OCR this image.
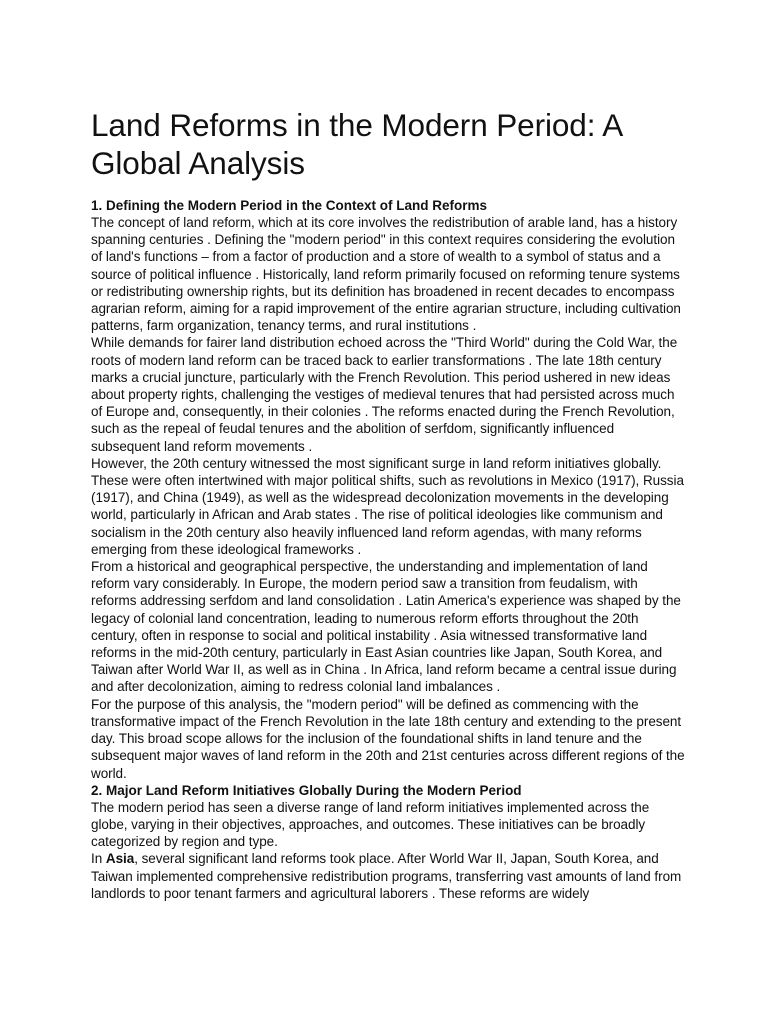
Land Reforms in the Modern Period: A Global Analysis

1. Defining the Modern Period in the Context of Land Reforms

The concept of land reform, which at its core involves the redistribution of arable land, has a history spanning centuries . Defining the "modern period" in this context requires considering the evolution of land's functions – from a factor of production and a store of wealth to a symbol of status and a source of political influence . Historically, land reform primarily focused on reforming tenure systems or redistributing ownership rights, but its definition has broadened in recent decades to encompass agrarian reform, aiming for a rapid improvement of the entire agrarian structure, including cultivation patterns, farm organization, tenancy terms, and rural institutions .

While demands for fairer land distribution echoed across the "Third World" during the Cold War, the roots of modern land reform can be traced back to earlier transformations . The late 18th century marks a crucial juncture, particularly with the French Revolution. This period ushered in new ideas about property rights, challenging the vestiges of medieval tenures that had persisted across much of Europe and, consequently, in their colonies . The reforms enacted during the French Revolution, such as the repeal of feudal tenures and the abolition of serfdom, significantly influenced subsequent land reform movements .

However, the 20th century witnessed the most significant surge in land reform initiatives globally. These were often intertwined with major political shifts, such as revolutions in Mexico (1917), Russia (1917), and China (1949), as well as the widespread decolonization movements in the developing world, particularly in African and Arab states . The rise of political ideologies like communism and socialism in the 20th century also heavily influenced land reform agendas, with many reforms emerging from these ideological frameworks .

From a historical and geographical perspective, the understanding and implementation of land reform vary considerably. In Europe, the modern period saw a transition from feudalism, with reforms addressing serfdom and land consolidation . Latin America's experience was shaped by the legacy of colonial land concentration, leading to numerous reform efforts throughout the 20th century, often in response to social and political instability . Asia witnessed transformative land reforms in the mid-20th century, particularly in East Asian countries like Japan, South Korea, and Taiwan after World War II, as well as in China . In Africa, land reform became a central issue during and after decolonization, aiming to redress colonial land imbalances .

For the purpose of this analysis, the "modern period" will be defined as commencing with the transformative impact of the French Revolution in the late 18th century and extending to the present day. This broad scope allows for the inclusion of the foundational shifts in land tenure and the subsequent major waves of land reform in the 20th and 21st centuries across different regions of the world.

2. Major Land Reform Initiatives Globally During the Modern Period

The modern period has seen a diverse range of land reform initiatives implemented across the globe, varying in their objectives, approaches, and outcomes. These initiatives can be broadly categorized by region and type.

In Asia, several significant land reforms took place. After World War II, Japan, South Korea, and Taiwan implemented comprehensive redistribution programs, transferring vast amounts of land from landlords to poor tenant farmers and agricultural laborers . These reforms are widely
